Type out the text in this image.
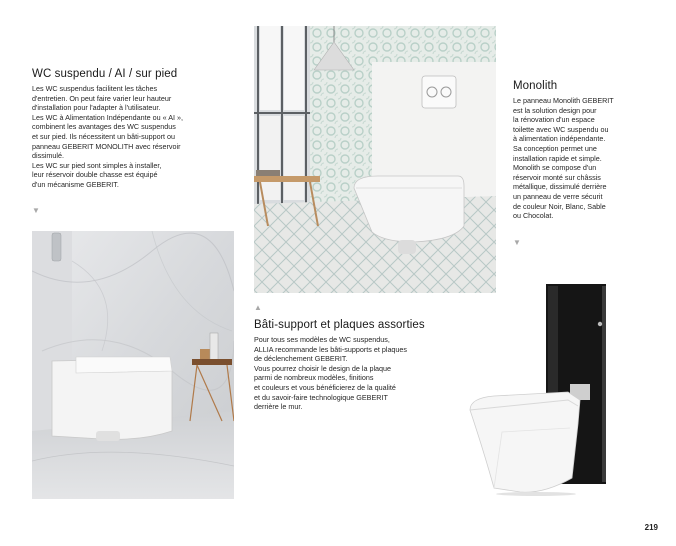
WC suspendu / AI / sur pied
Les WC suspendus facilitent les tâches
d'entretien. On peut faire varier leur hauteur
d'installation pour l'adapter à l'utilisateur.
Les WC à Alimentation Indépendante ou « AI »,
combinent les avantages des WC suspendus
et sur pied. Ils nécessitent un bâti-support ou
panneau GEBERIT MONOLITH avec réservoir
dissimulé.
Les WC sur pied sont simples à installer,
leur réservoir double chasse est équipé
d'un mécanisme GEBERIT.
▼
Monolith
Le panneau Monolith GEBERIT
est la solution design pour
la rénovation d'un espace
toilette avec WC suspendu ou
à alimentation indépendante.
Sa conception permet une
installation rapide et simple.
Monolith se compose d'un
réservoir monté sur châssis
métallique, dissimulé derrière
un panneau de verre sécurit
de couleur Noir, Blanc, Sable
ou Chocolat.
▼
▲
Bâti-support et plaques assorties
Pour tous ses modèles de WC suspendus,
ALLIA recommande les bâti-supports et plaques
de déclenchement GEBERIT.
Vous pourrez choisir le design de la plaque
parmi de nombreux modèles, finitions
et couleurs et vous bénéficierez de la qualité
et du savoir-faire technologique GEBERIT
derrière le mur.
219
